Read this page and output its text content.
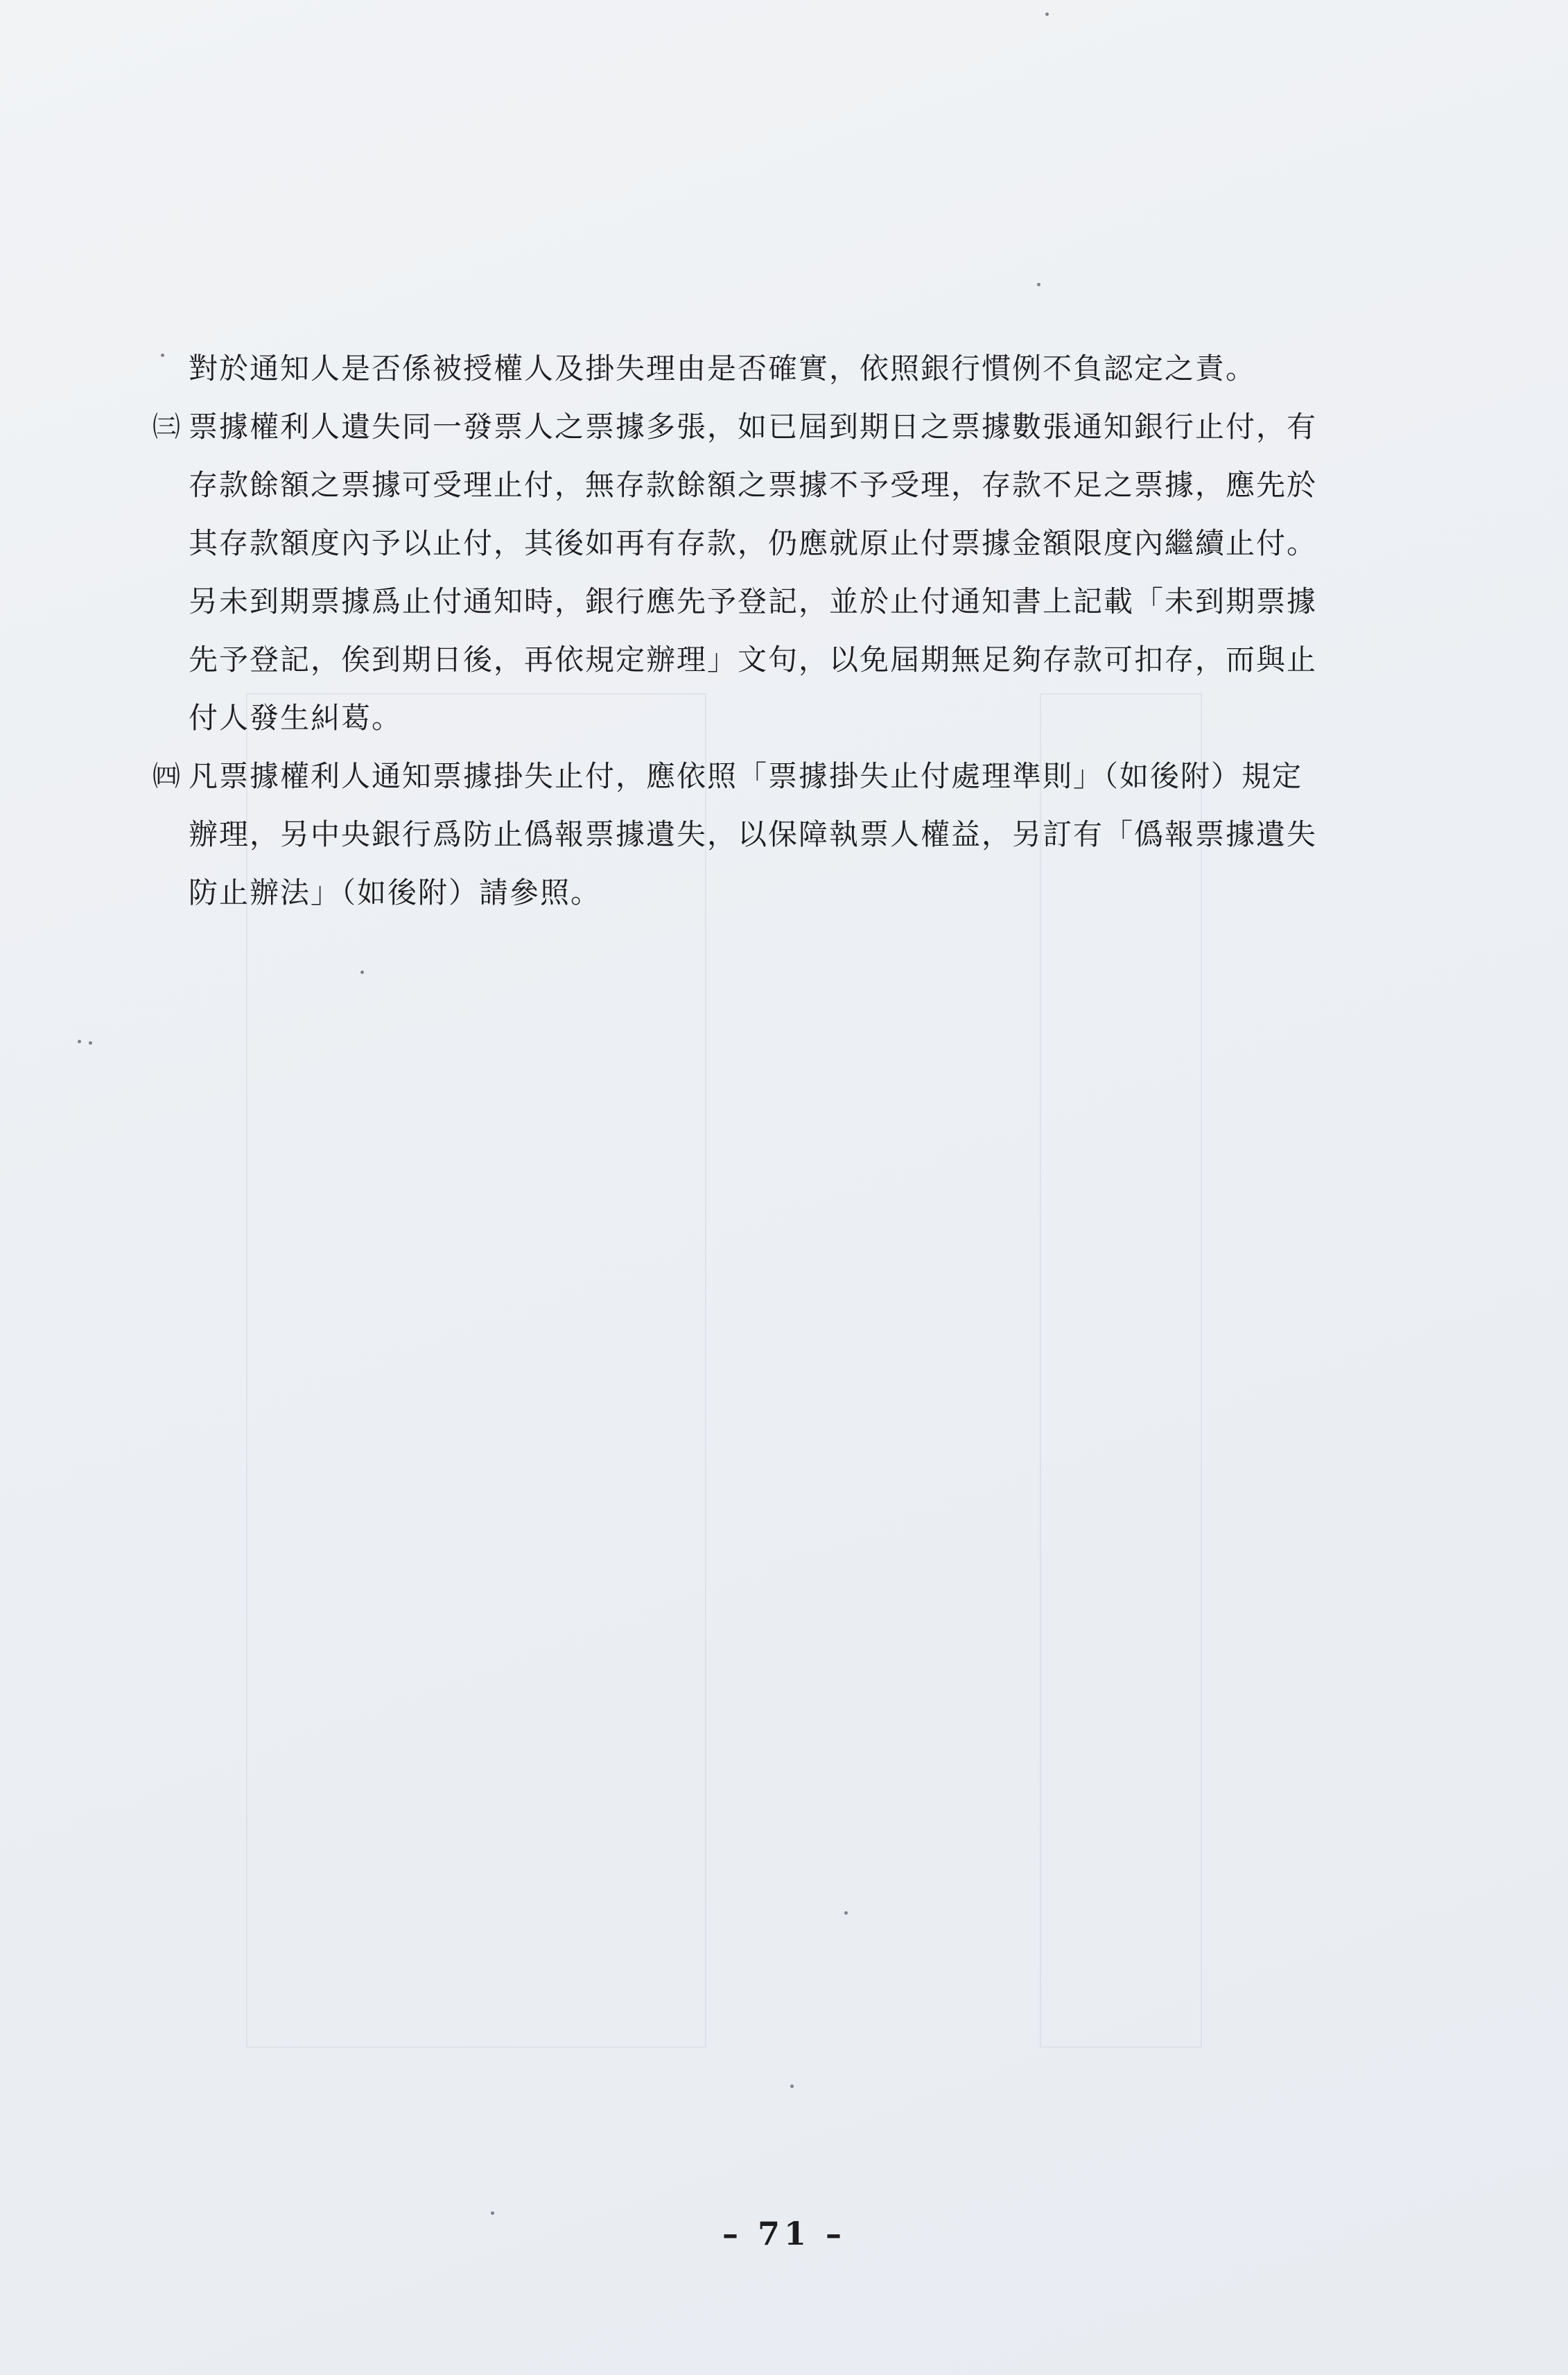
對於通知人是否係被授權人及掛失理由是否確實，依照銀行慣例不負認定之責。

㈢ 票據權利人遺失同一發票人之票據多張，如已屆到期日之票據數張通知銀行止付，有
存款餘額之票據可受理止付，無存款餘額之票據不予受理，存款不足之票據，應先於
其存款額度內予以止付，其後如再有存款，仍應就原止付票據金額限度內繼續止付。
另未到期票據爲止付通知時，銀行應先予登記，並於止付通知書上記載「未到期票據
先予登記，俟到期日後，再依規定辦理」文句，以免屆期無足夠存款可扣存，而與止
付人發生糾葛。

㈣ 凡票據權利人通知票據掛失止付，應依照「票據掛失止付處理準則」（如後附）規定
辦理，另中央銀行爲防止僞報票據遺失，以保障執票人權益，另訂有「僞報票據遺失
防止辦法」（如後附）請參照。

– 71 –
